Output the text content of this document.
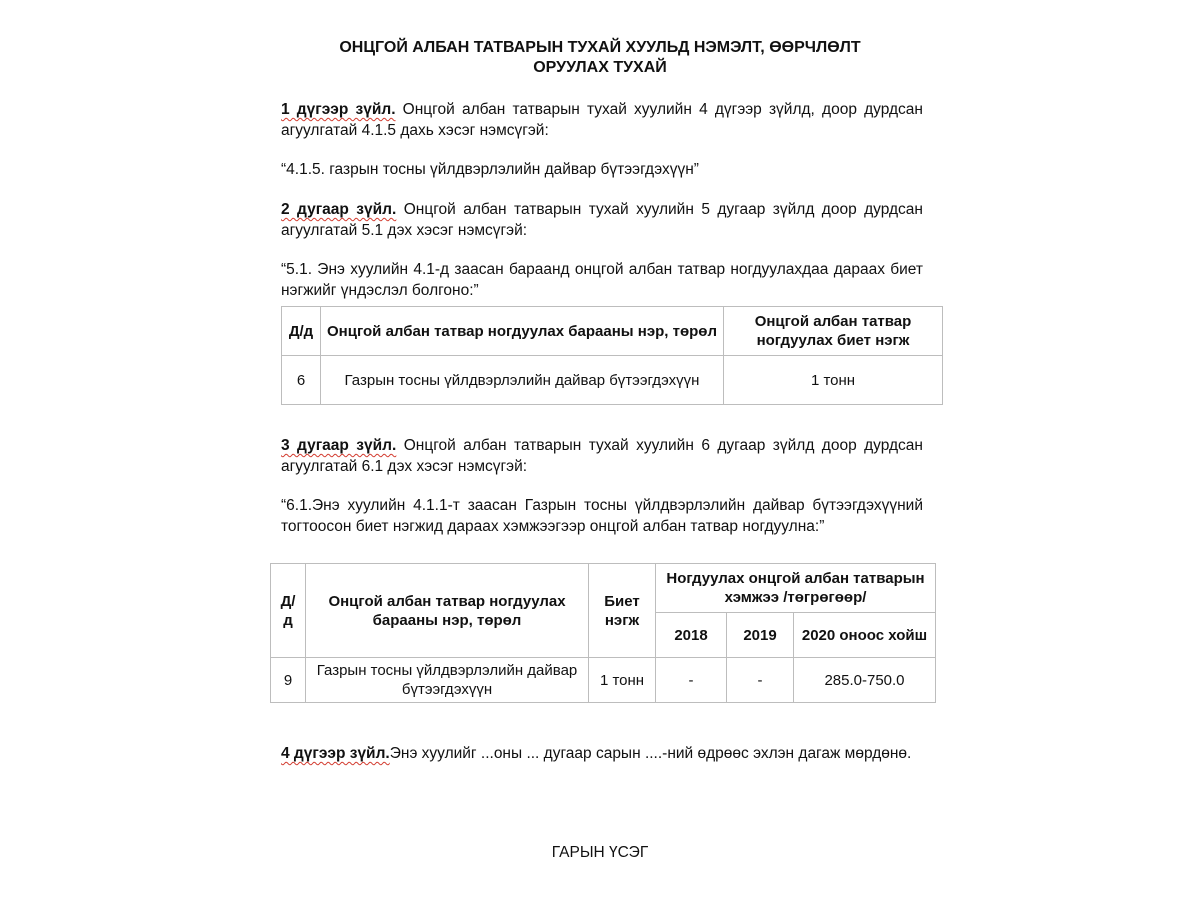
ОНЦГОЙ АЛБАН ТАТВАРЫН ТУХАЙ ХУУЛЬД НЭМЭЛТ, ӨӨРЧЛӨЛТ
ОРУУЛАХ ТУХАЙ
1 дүгээр зүйл. Онцгой албан татварын тухай хуулийн 4 дүгээр зүйлд, доор дурдсан агуулгатай 4.1.5 дахь хэсэг нэмсүгэй:
“4.1.5. газрын тосны үйлдвэрлэлийн дайвар бүтээгдэхүүн”
2 дугаар зүйл. Онцгой албан татварын тухай хуулийн 5 дугаар зүйлд доор дурдсан агуулгатай 5.1 дэх хэсэг нэмсүгэй:
“5.1. Энэ хуулийн 4.1-д заасан бараанд онцгой албан татвар ногдуулахдаа дараах биет нэгжийг үндэслэл болгоно:”
Д/д	Онцгой албан татвар ногдуулах барааны нэр, төрөл	Онцгой албан татвар ногдуулах биет нэгж
6	Газрын тосны үйлдвэрлэлийн дайвар бүтээгдэхүүн	1 тонн
3 дугаар зүйл. Онцгой албан татварын тухай хуулийн 6 дугаар зүйлд доор дурдсан агуулгатай 6.1 дэх хэсэг нэмсүгэй:
“6.1.Энэ хуулийн 4.1.1-т заасан Газрын тосны үйлдвэрлэлийн дайвар бүтээгдэхүүний тогтоосон биет нэгжид дараах хэмжээгээр онцгой албан татвар ногдуулна:”
Д/д	Онцгой албан татвар ногдуулах барааны нэр, төрөл	Биет нэгж	Ногдуулах онцгой албан татварын хэмжээ /төгрөгөөр/		
			2018	2019	2020 оноос хойш
9	Газрын тосны үйлдвэрлэлийн дайвар бүтээгдэхүүн	1 тонн	-	-	285.0-750.0
4 дүгээр зүйл.Энэ хуулийг ...оны ... дугаар сарын ....-ний өдрөөс эхлэн дагаж мөрдөнө.
ГАРЫН ҮСЭГ
